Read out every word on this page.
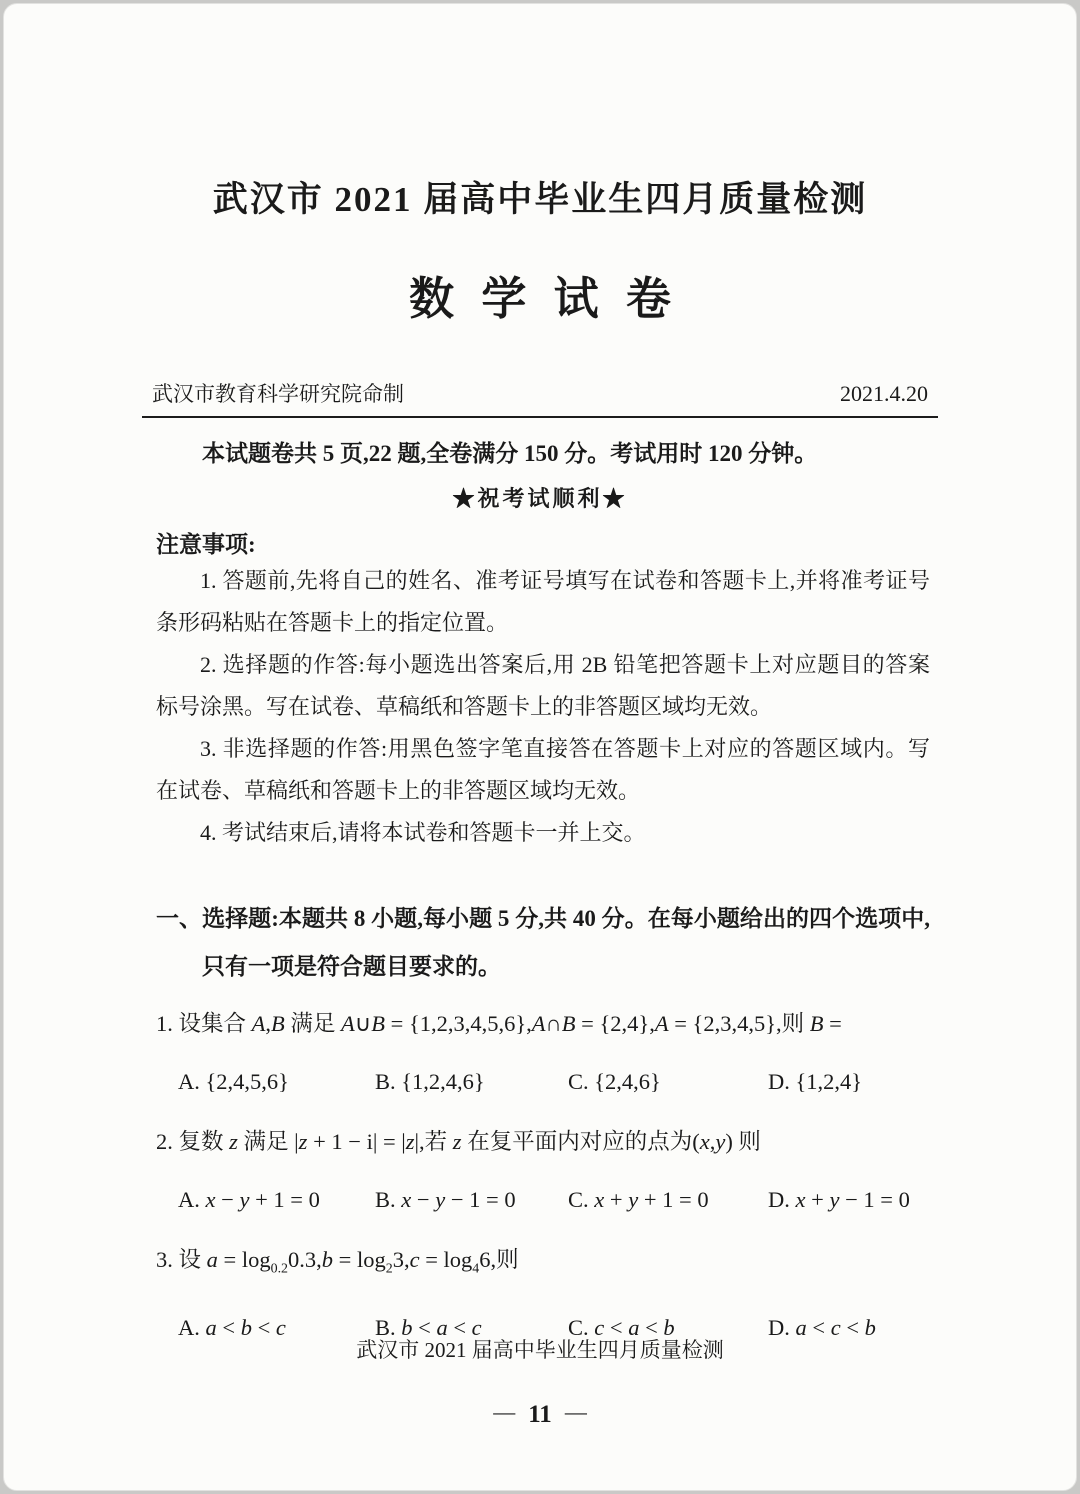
武汉市 2021 届高中毕业生四月质量检测
数 学 试 卷
武汉市教育科学研究院命制	2021.4.20
本试题卷共 5 页,22 题,全卷满分 150 分。考试用时 120 分钟。
★祝考试顺利★
注意事项:

1. 答题前,先将自己的姓名、准考证号填写在试卷和答题卡上,并将准考证号条形码粘贴在答题卡上的指定位置。

2. 选择题的作答:每小题选出答案后,用 2B 铅笔把答题卡上对应题目的答案标号涂黑。写在试卷、草稿纸和答题卡上的非答题区域均无效。

3. 非选择题的作答:用黑色签字笔直接答在答题卡上对应的答题区域内。写在试卷、草稿纸和答题卡上的非答题区域均无效。

4. 考试结束后,请将本试卷和答题卡一并上交。

一、选择题:本题共 8 小题,每小题 5 分,共 40 分。在每小题给出的四个选项中,只有一项是符合题目要求的。
1. 设集合 A,B 满足 A∪B = {1,2,3,4,5,6},A∩B = {2,4},A = {2,3,4,5},则 B =
A. {2,4,5,6}	B. {1,2,4,6}	C. {2,4,6}	D. {1,2,4}
2. 复数 z 满足 |z + 1 − i| = |z|,若 z 在复平面内对应的点为(x,y) 则
A. x − y + 1 = 0	B. x − y − 1 = 0	C. x + y + 1 = 0	D. x + y − 1 = 0
3. 设 $a = \log_{0.2}0.3,b = \log_23,c = \log_46$,则
A. a < b < c	B. b < a < c	C. c < a < b	D. a < c < b
武汉市 2021 届高中毕业生四月质量检测
— 11 —
